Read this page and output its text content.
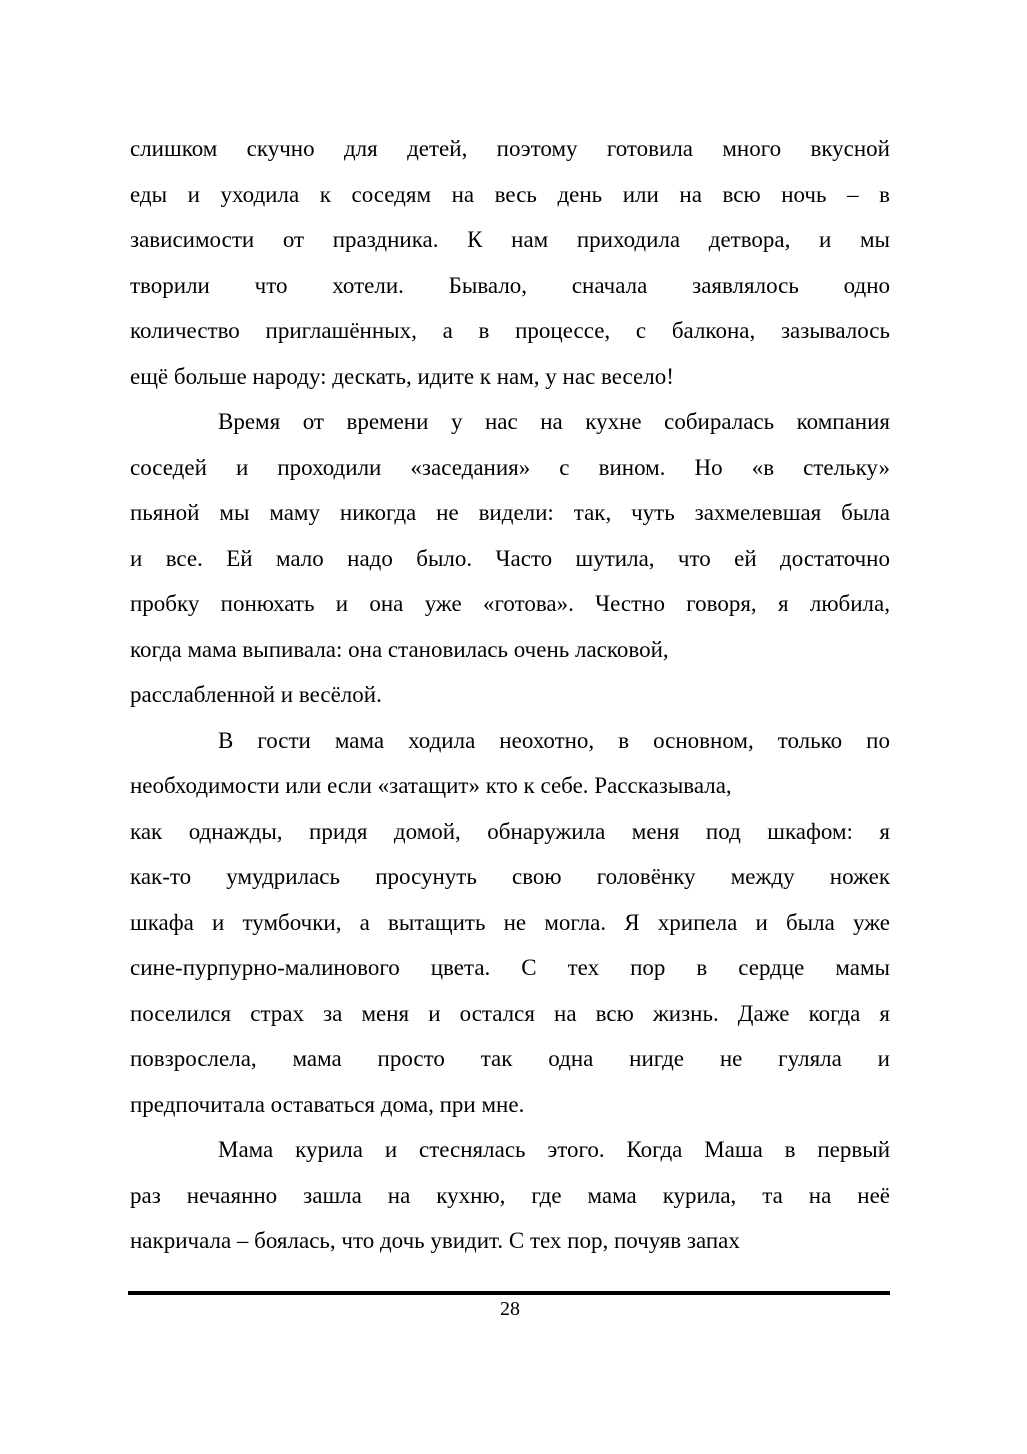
слишком скучно для детей, поэтому готовила много вкусной
еды и уходила к соседям на весь день или на всю ночь – в
зависимости от праздника. К нам приходила детвора, и мы
творили что хотели. Бывало, сначала заявлялось одно
количество приглашённых, а в процессе, с балкона, зазывалось
ещё больше народу: дескать, идите к нам, у нас весело!
Время от времени у нас на кухне собиралась компания
соседей и проходили «заседания» с вином. Но «в стельку»
пьяной мы маму никогда не видели: так, чуть захмелевшая была
и все. Ей мало надо было. Часто шутила, что ей достаточно
пробку понюхать и она уже «готова». Честно говоря, я любила,
когда мама выпивала: она становилась очень ласковой,
расслабленной и весёлой.
В гости мама ходила неохотно, в основном, только по
необходимости или если «затащит» кто к себе. Рассказывала,
как однажды, придя домой, обнаружила меня под шкафом: я
как-то умудрилась просунуть свою головёнку между ножек
шкафа и тумбочки, а вытащить не могла. Я хрипела и была уже
сине-пурпурно-малинового цвета. С тех пор в сердце мамы
поселился страх за меня и остался на всю жизнь. Даже когда я
повзрослела, мама просто так одна нигде не гуляла и
предпочитала оставаться дома, при мне.
Мама курила и стеснялась этого. Когда Маша в первый
раз нечаянно зашла на кухню, где мама курила, та на неё
накричала – боялась, что дочь увидит. С тех пор, почуяв запах
28
